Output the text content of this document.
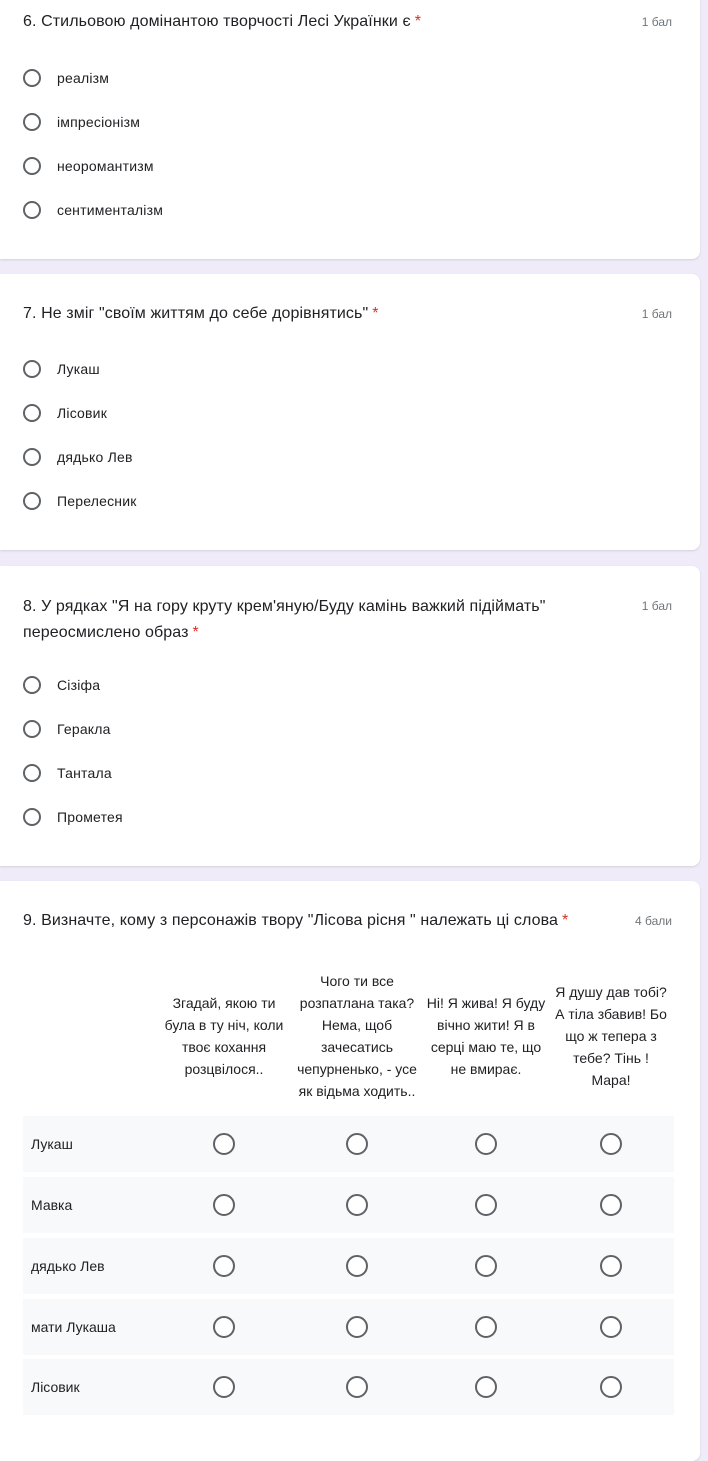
6. Стильовою домінантою творчості Лесі Українки є *	1 бал
реалізм
імпресіонізм
неоромантизм
сентименталізм
7. Не зміг "своїм життям до себе дорівнятись" *	1 бал
Лукаш
Лісовик
дядько Лев
Перелесник
8. У рядках "Я на гору круту крем'яную/Буду камінь важкий підіймать"
переосмислено образ *
1 бал
Сізіфа
Геракла
Тантала
Прометея
9. Визначте, кому з персонажів твору "Лісова рісня " належать ці слова *	4 бали
Згадай, якою ти була в ту ніч, коли твоє кохання розцвілося..
Чого ти все розпатлана така? Нема, щоб зачесатись чепурненько, - усе як відьма ходить..
Ні! Я жива! Я буду вічно жити! Я в серці маю те, що не вмирає.
Я душу дав тобі? А тіла збавив! Бо що ж тепера з тебе? Тінь ! Мара!
Лукаш
Мавка
дядько Лев
мати Лукаша
Лісовик
